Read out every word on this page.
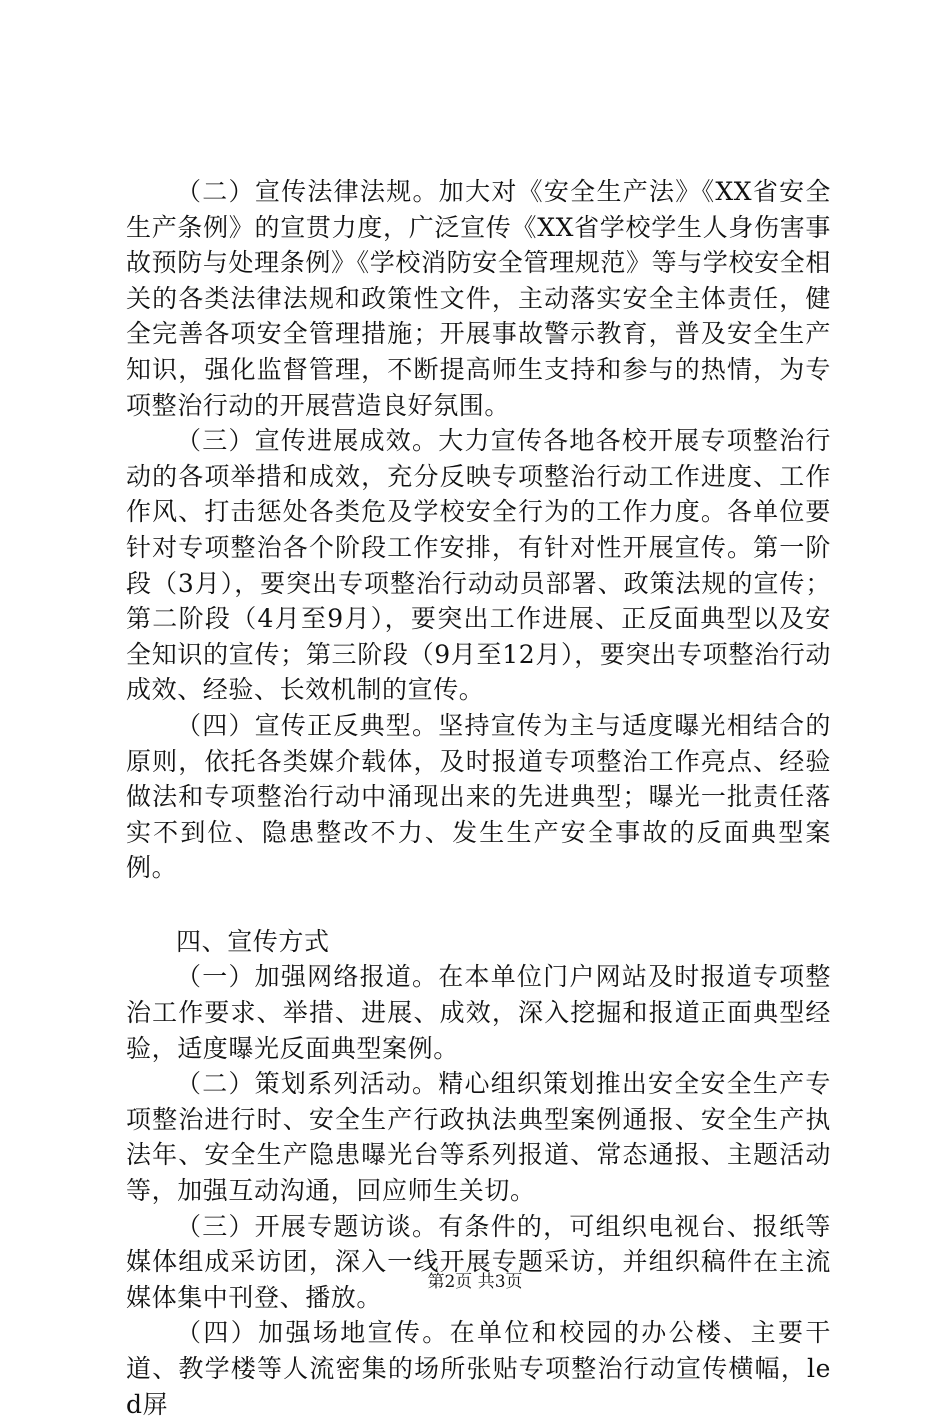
（二）宣传法律法规。加大对《安全生产法》《XX省安全生产条例》的宣贯力度，广泛宣传《XX省学校学生人身伤害事故预防与处理条例》《学校消防安全管理规范》等与学校安全相关的各类法律法规和政策性文件，主动落实安全主体责任，健全完善各项安全管理措施；开展事故警示教育，普及安全生产知识，强化监督管理，不断提高师生支持和参与的热情，为专项整治行动的开展营造良好氛围。

（三）宣传进展成效。大力宣传各地各校开展专项整治行动的各项举措和成效，充分反映专项整治行动工作进度、工作作风、打击惩处各类危及学校安全行为的工作力度。各单位要针对专项整治各个阶段工作安排，有针对性开展宣传。第一阶段（3月），要突出专项整治行动动员部署、政策法规的宣传；第二阶段（4月至9月），要突出工作进展、正反面典型以及安全知识的宣传；第三阶段（9月至12月），要突出专项整治行动成效、经验、长效机制的宣传。

（四）宣传正反典型。坚持宣传为主与适度曝光相结合的原则，依托各类媒介载体，及时报道专项整治工作亮点、经验做法和专项整治行动中涌现出来的先进典型；曝光一批责任落实不到位、隐患整改不力、发生生产安全事故的反面典型案例。

四、宣传方式

（一）加强网络报道。在本单位门户网站及时报道专项整治工作要求、举措、进展、成效，深入挖掘和报道正面典型经验，适度曝光反面典型案例。

（二）策划系列活动。精心组织策划推出安全安全生产专项整治进行时、安全生产行政执法典型案例通报、安全生产执法年、安全生产隐患曝光台等系列报道、常态通报、主题活动等，加强互动沟通，回应师生关切。

（三）开展专题访谈。有条件的，可组织电视台、报纸等媒体组成采访团，深入一线开展专题采访，并组织稿件在主流媒体集中刊登、播放。

（四）加强场地宣传。在单位和校园的办公楼、主要干道、教学楼等人流密集的场所张贴专项整治行动宣传横幅，led屏

第2页 共3页
